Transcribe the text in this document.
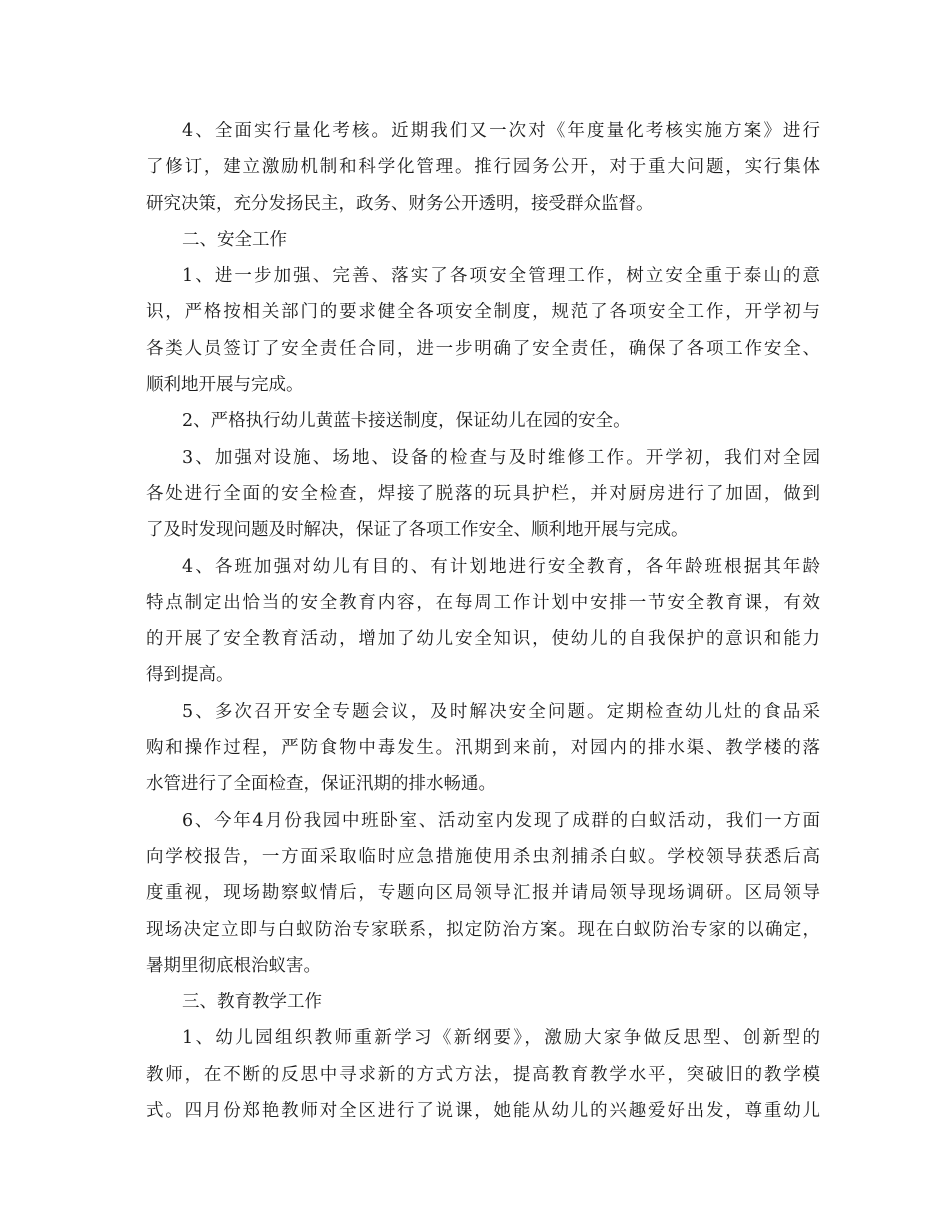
4、全面实行量化考核。近期我们又一次对《年度量化考核实施方案》进行
了修订，建立激励机制和科学化管理。推行园务公开，对于重大问题，实行集体
研究决策，充分发扬民主，政务、财务公开透明，接受群众监督。
二、安全工作
1、进一步加强、完善、落实了各项安全管理工作，树立安全重于泰山的意
识，严格按相关部门的要求健全各项安全制度，规范了各项安全工作，开学初与
各类人员签订了安全责任合同，进一步明确了安全责任，确保了各项工作安全、
顺利地开展与完成。
2、严格执行幼儿黄蓝卡接送制度，保证幼儿在园的安全。
3、加强对设施、场地、设备的检查与及时维修工作。开学初，我们对全园
各处进行全面的安全检查，焊接了脱落的玩具护栏，并对厨房进行了加固，做到
了及时发现问题及时解决，保证了各项工作安全、顺利地开展与完成。
4、各班加强对幼儿有目的、有计划地进行安全教育，各年龄班根据其年龄
特点制定出恰当的安全教育内容，在每周工作计划中安排一节安全教育课，有效
的开展了安全教育活动，增加了幼儿安全知识，使幼儿的自我保护的意识和能力
得到提高。
5、多次召开安全专题会议，及时解决安全问题。定期检查幼儿灶的食品采
购和操作过程，严防食物中毒发生。汛期到来前，对园内的排水渠、教学楼的落
水管进行了全面检查，保证汛期的排水畅通。
6、今年4月份我园中班卧室、活动室内发现了成群的白蚁活动，我们一方面
向学校报告，一方面采取临时应急措施使用杀虫剂捕杀白蚁。学校领导获悉后高
度重视，现场勘察蚁情后，专题向区局领导汇报并请局领导现场调研。区局领导
现场决定立即与白蚁防治专家联系，拟定防治方案。现在白蚁防治专家的以确定，
暑期里彻底根治蚁害。
三、教育教学工作
1、幼儿园组织教师重新学习《新纲要》，激励大家争做反思型、创新型的
教师，在不断的反思中寻求新的方式方法，提高教育教学水平，突破旧的教学模
式。四月份郑艳教师对全区进行了说课，她能从幼儿的兴趣爱好出发，尊重幼儿
